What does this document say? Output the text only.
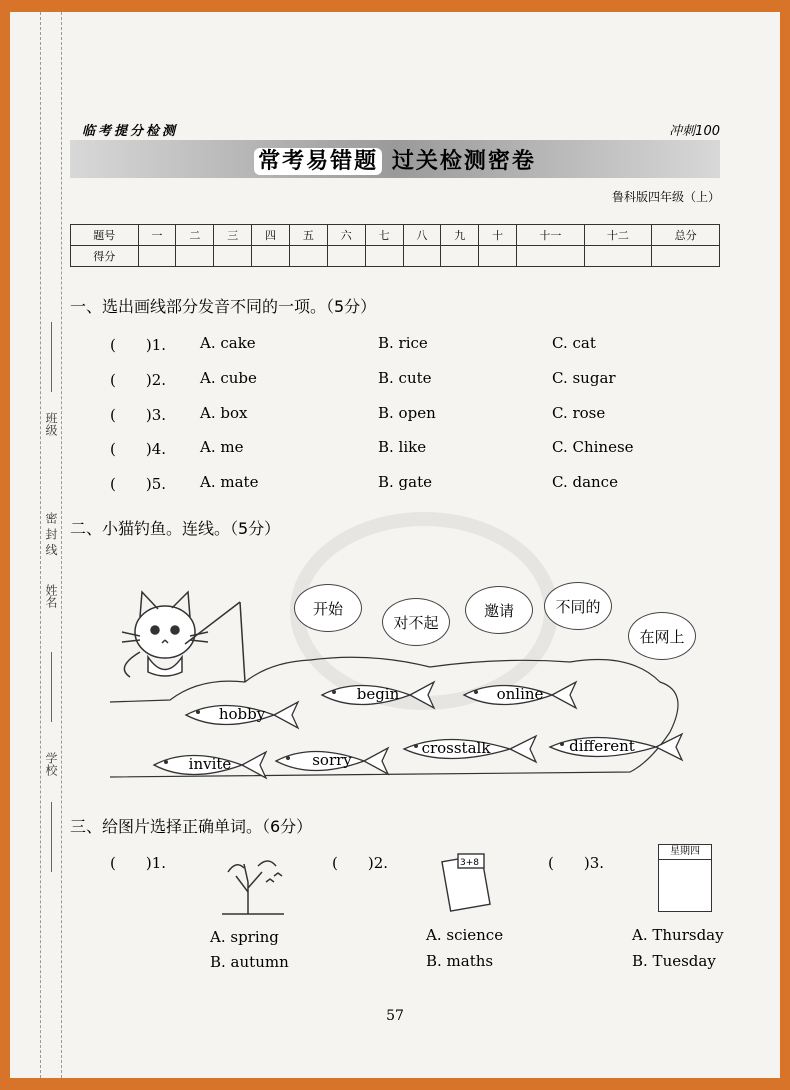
班级
姓名
密 封 线
学校
临考提分检测	冲刺100
常考易错题 过关检测密卷
鲁科版四年级（上）
题号	一	二	三	四	五	六	七	八	九	十	十一	十二	总分
得分													
一、选出画线部分发音不同的一项。（5分）
(　　)1. A. cake	B. rice	C. cat
(　　)2. A. cube	B. cute	C. sugar
(　　)3. A. box	B. open	C. rose
(　　)4. A. me	B. like	C. Chinese
(　　)5. A. mate	B. gate	C. dance
二、小猫钓鱼。连线。（5分）
开始
对不起
邀请	不同的
在网上
begin	online
hobby
invite	sorry
crosstalk	different
三、给图片选择正确单词。（6分）
(　　)1.
A. spring
B. autumn
(　　)2.	3+8
A. science
B. maths
(　　)3.
星期四
A. Thursday
B. Tuesday
57
